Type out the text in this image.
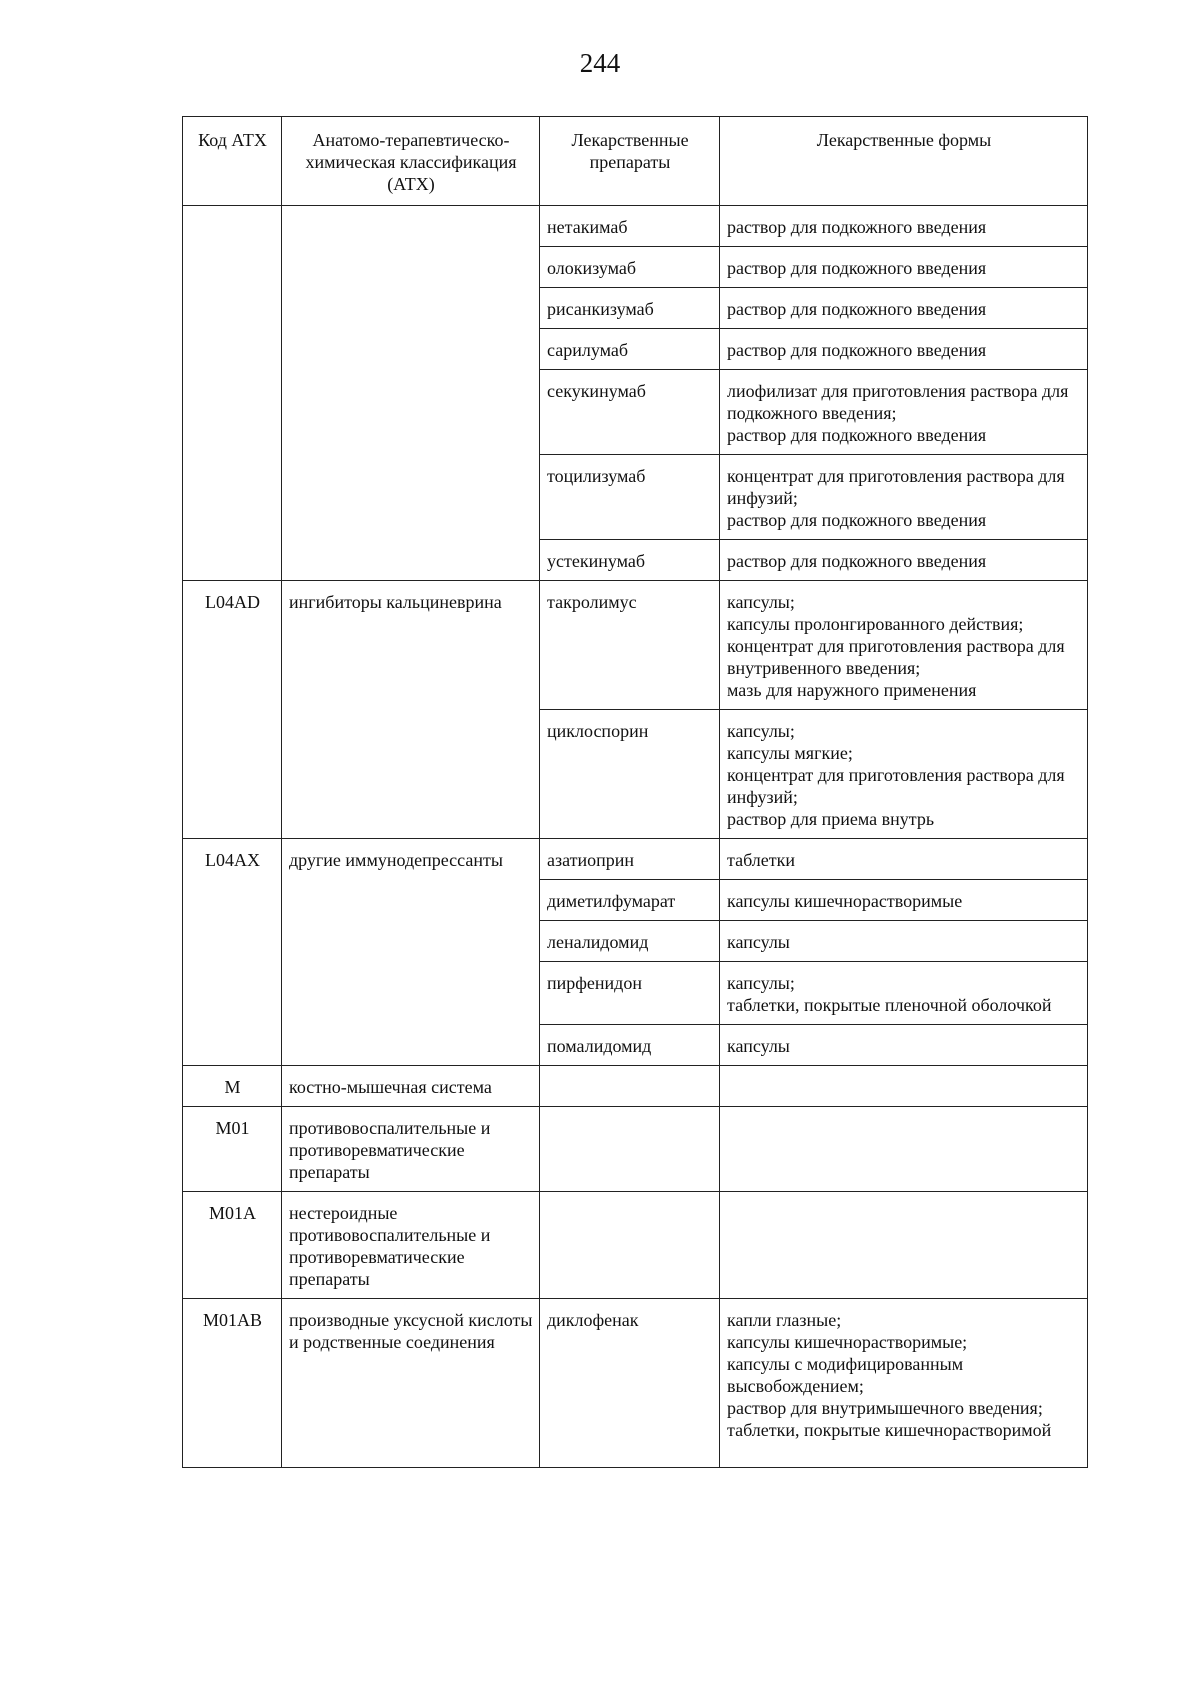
244
Код АТХ	Анатомо-терапевтическо-химическая классификация (АТХ)	Лекарственные препараты	Лекарственные формы
		нетакимаб	раствор для подкожного введения

		олокизумаб	раствор для подкожного введения

		рисанкизумаб	раствор для подкожного введения

		сарилумаб	раствор для подкожного введения

		секукинумаб	лиофилизат для приготовления раствора для подкожного введения;
раствор для подкожного введения

		тоцилизумаб	концентрат для приготовления раствора для инфузий;
раствор для подкожного введения

		устекинумаб	раствор для подкожного введения

L04AD	ингибиторы кальциневрина	такролимус	капсулы;
капсулы пролонгированного действия;
концентрат для приготовления раствора для внутривенного введения;
мазь для наружного применения

		циклоспорин	капсулы;
капсулы мягкие;
концентрат для приготовления раствора для инфузий;
раствор для приема внутрь

L04AX	другие иммунодепрессанты	азатиоприн	таблетки

		диметилфумарат	капсулы кишечнорастворимые

		леналидомид	капсулы

		пирфенидон	капсулы;
таблетки, покрытые пленочной оболочкой

		помалидомид	капсулы

M	костно-мышечная система		
M01	противовоспалительные и противоревматические препараты		
M01A	нестероидные противовоспалительные и противоревматические препараты		
M01AB	производные уксусной кислоты и родственные соединения	диклофенак	капли глазные;
капсулы кишечнорастворимые;
капсулы с модифицированным высвобождением;
раствор для внутримышечного введения;
таблетки, покрытые кишечнорастворимой
